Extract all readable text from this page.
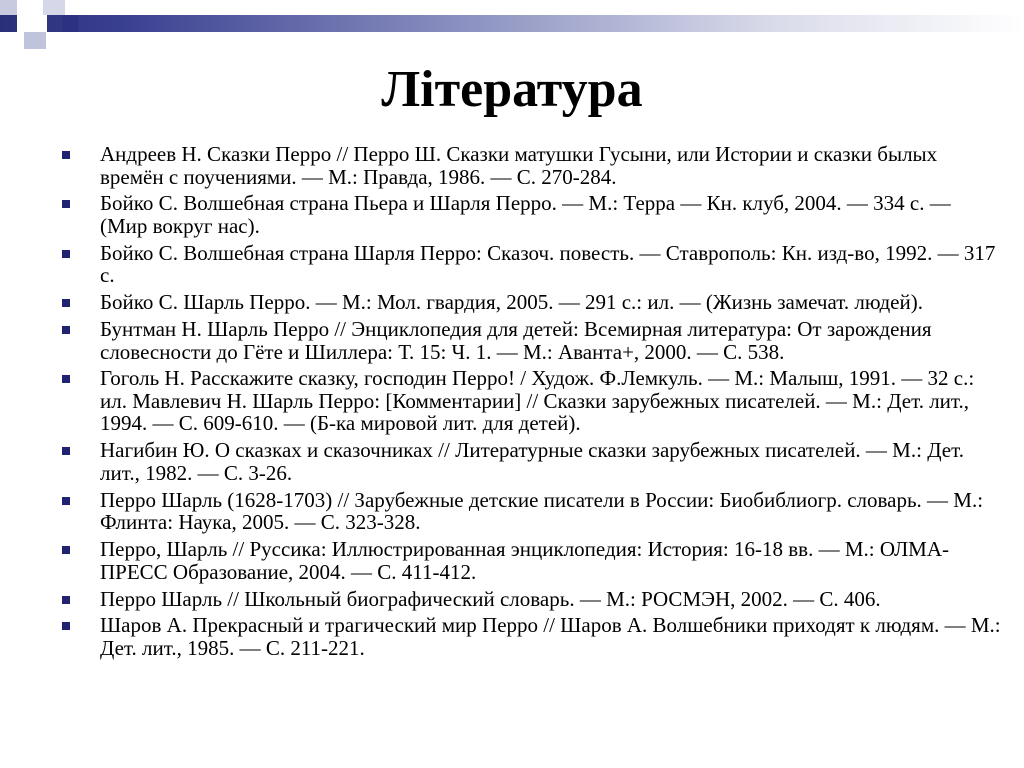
Література
Андреев Н. Сказки Перро // Перро Ш. Сказки матушки Гусыни, или Истории и сказки былых времён с поучениями. — М.: Правда, 1986. — С. 270-284.
Бойко С. Волшебная страна Пьера и Шарля Перро. — М.: Терра — Кн. клуб, 2004. — 334 с. — (Мир вокруг нас).
Бойко С. Волшебная страна Шарля Перро: Сказоч. повесть. — Ставрополь: Кн. изд-во, 1992. — 317 с.
Бойко С. Шарль Перро. — М.: Мол. гвардия, 2005. — 291 с.: ил. — (Жизнь замечат. людей).
Бунтман Н. Шарль Перро // Энциклопедия для детей: Всемирная литература: От зарождения словесности до Гёте и Шиллера: Т. 15: Ч. 1. — М.: Аванта+, 2000. — С. 538.
Гоголь Н. Расскажите сказку, господин Перро! / Худож. Ф.Лемкуль. — М.: Малыш, 1991. — 32 с.: ил. Мавлевич Н. Шарль Перро: [Комментарии] // Сказки зарубежных писателей. — М.: Дет. лит., 1994. — С. 609-610. — (Б-ка мировой лит. для детей).
Нагибин Ю. О сказках и сказочниках // Литературные сказки зарубежных писателей. — М.: Дет. лит., 1982. — С. 3-26.
Перро Шарль (1628-1703) // Зарубежные детские писатели в России: Биобиблиогр. словарь. — М.: Флинта: Наука, 2005. — С. 323-328.
Перро, Шарль // Руссика: Иллюстрированная энциклопедия: История: 16-18 вв. — М.: ОЛМА-ПРЕСС Образование, 2004. — С. 411-412.
Перро Шарль // Школьный биографический словарь. — М.: РОСМЭН, 2002. — С. 406.
Шаров А. Прекрасный и трагический мир Перро // Шаров А. Волшебники приходят к людям. — М.: Дет. лит., 1985. — С. 211-221.
